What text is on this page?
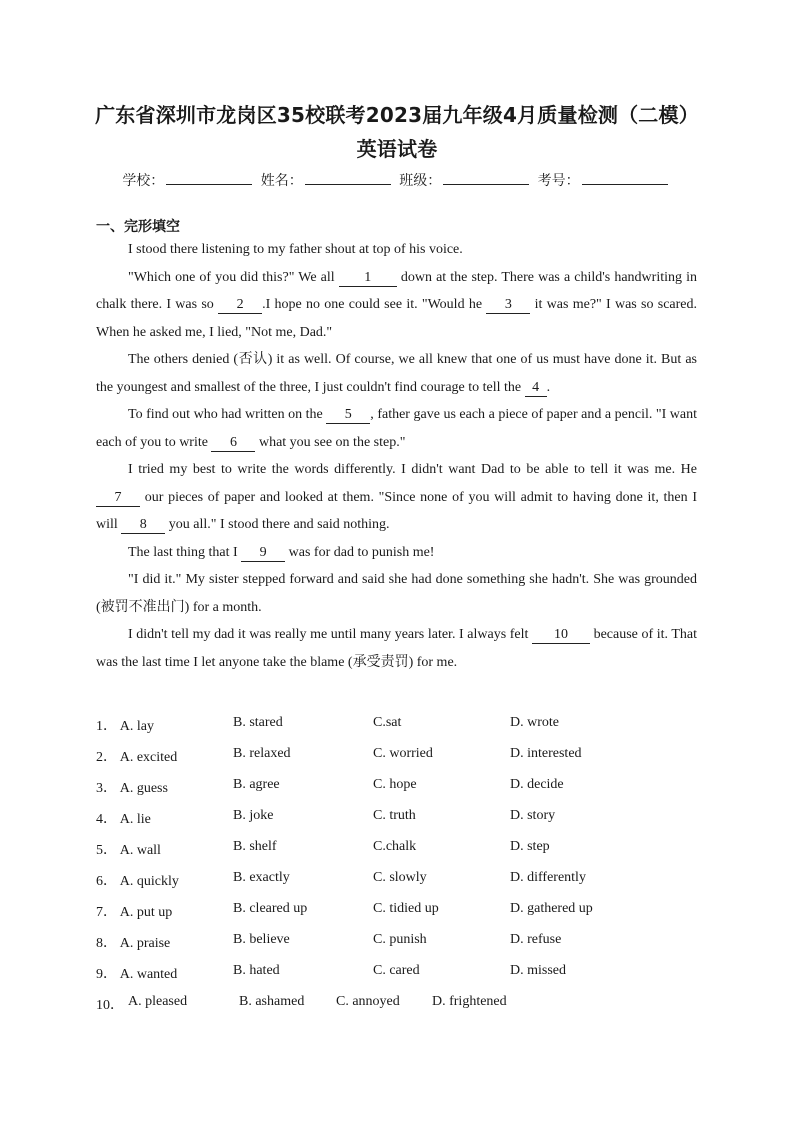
广东省深圳市龙岗区35校联考2023届九年级4月质量检测（二模）英语试卷
学校：	姓名：	班级：	考号：
一、完形填空

I stood there listening to my father shout at top of his voice.

"Which one of you did this?" We all 1 down at the step. There was a child's handwriting in chalk there. I was so 2 .I hope no one could see it. "Would he 3 it was me?" I was so scared. When he asked me, I lied, "Not me, Dad."

The others denied (否认) it as well. Of course, we all knew that one of us must have done it. But as the youngest and smallest of the three, I just couldn't find courage to tell the 4 .

To find out who had written on the 5 , father gave us each a piece of paper and a pencil. "I want each of you to write 6 what you see on the step."

I tried my best to write the words differently. I didn't want Dad to be able to tell it was me. He 7 our pieces of paper and looked at them. "Since none of you will admit to having done it, then I will 8 you all." I stood there and said nothing.

The last thing that I 9 was for dad to punish me!

"I did it." My sister stepped forward and said she had done something she hadn't. She was grounded (被罚不准出门) for a month.

I didn't tell my dad it was really me until many years later. I always felt 10 because of it. That was the last time I let anyone take the blame (承受责罚) for me.

1． A. lay	B. stared	C.sat	D. wrote
2． A. excited	B. relaxed	C. worried	D. interested
3． A. guess	B. agree	C. hope	D. decide
4． A. lie	B. joke	C. truth	D. story
5． A. wall	B. shelf	C.chalk	D. step
6． A. quickly	B. exactly	C. slowly	D. differently
7． A. put up	B. cleared up	C. tidied up	D. gathered up
8． A. praise	B. believe	C. punish	D. refuse
9． A. wanted	B. hated	C. cared	D. missed
10． A. pleased	B. ashamed C. annoyed D. frightened
